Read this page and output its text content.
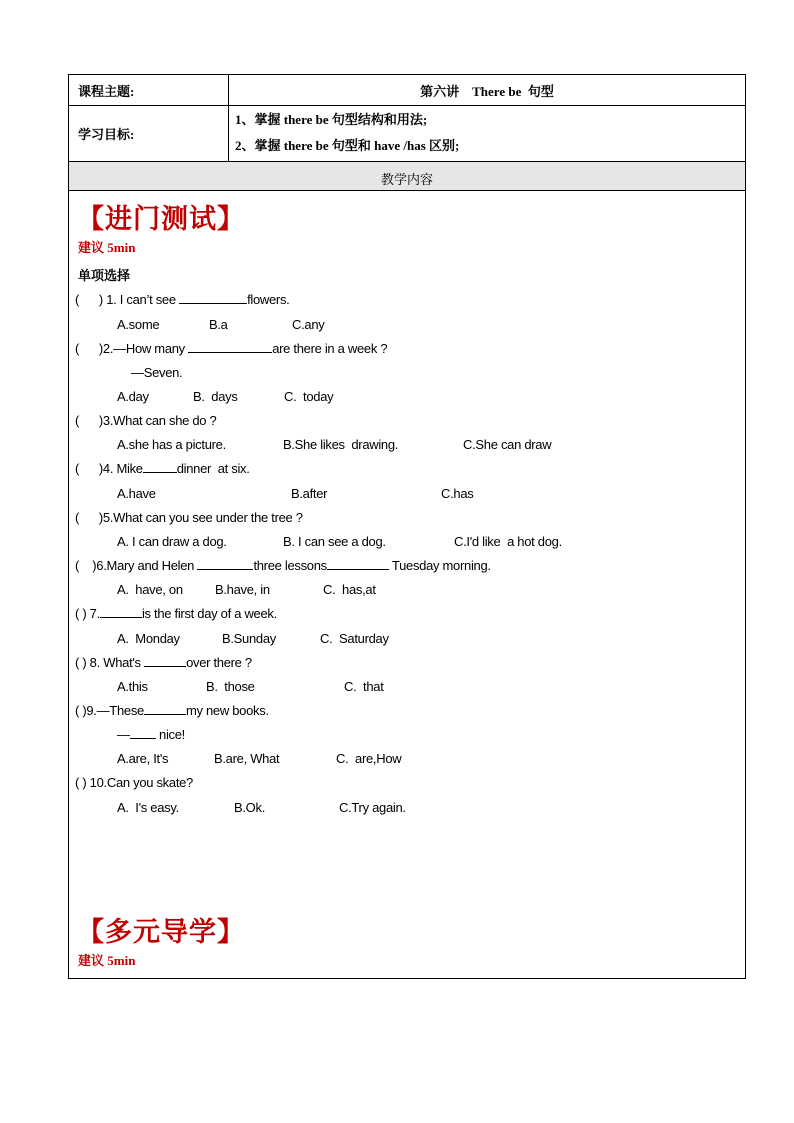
课程主题:	第六讲    There be  句型
学习目标:
1、掌握 there be 句型结构和用法;
2、掌握 there be 句型和 have /has 区别;
教学内容
【进门测试】
建议 5min
单项选择
(      ) 1. I can’t see	flowers.
A.some	B.a	C.any
(      )2.—How many	are there in a week ?
—Seven.
A.day	B.  days	C.  today
(      )3.What can she do ?
A.she has a picture.	B.She likes  drawing.	C.She can draw
(      )4. Mike	dinner  at six.
A.have	B.after	C.has
(      )5.What can you see under the tree ?
A. I can draw a dog.	B. I can see a dog.	C.I'd like  a hot dog.
(    )6.Mary and Helen	three lessons	Tuesday morning.
A.  have, on B.have, in	C.  has,at
( ) 7.	is the first day of a week.
A.  Monday	B.Sunday	C.  Saturday
( ) 8. What's	over there ?
A.this	B.  those	C.  that
( )9.—These	my new books.
— nice!
A.are, It's	B.are, What	C.  are,How
( ) 10.Can you skate?
A.  I's easy.	B.Ok.	C.Try again.
【多元导学】
建议 5min
